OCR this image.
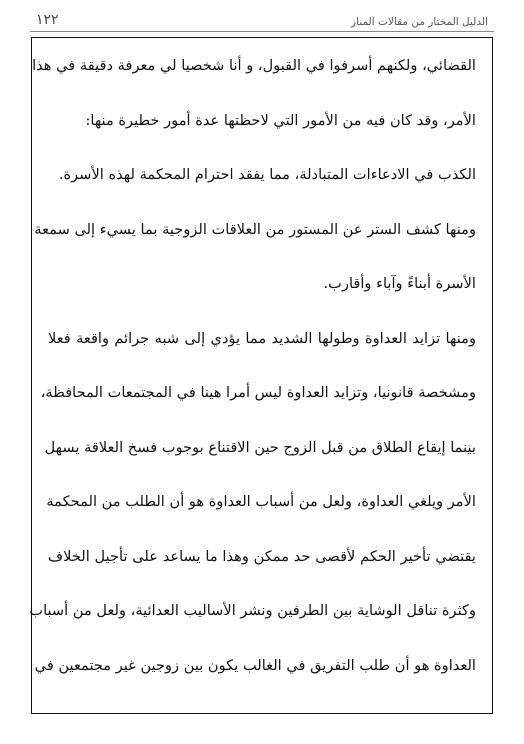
الدليل المختار من مقالات المنار
١٢٢
القضائي، ولكنهم أسرفوا في القبول، و أنا شخصيا لي معرفة دقيقة في هذا
الأمر، وقد كان فيه من الأمور التي لاحظتها عدة أمور خطيرة منها:
الكذب في الادعاءات المتبادلة، مما يفقد احترام المحكمة لهذه الأسرة.
ومنها كشف الستر عن المستور من العلاقات الزوجية بما يسيء إلى سمعة
الأسرة أبناءً وآباء وأقارب.
ومنها تزايد العداوة وطولها الشديد مما يؤدي إلى شبه جرائم واقعة فعلا
ومشخصة قانونيا، وتزايد العداوة ليس أمرا هينا في المجتمعات المحافظة،
بينما إيقاع الطلاق من قبل الزوج حين الاقتناع بوجوب فسخ العلاقة يسهل
الأمر ويلغي العداوة، ولعل من أسباب العداوة هو أن الطلب من المحكمة
يقتضي تأخير الحكم لأقصى حد ممكن وهذا ما يساعد على تأجيل الخلاف
وكثرة تناقل الوشاية بين الطرفين ونشر الأساليب العدائية، ولعل من أسباب
العداوة هو أن طلب التفريق في الغالب يكون بين زوجين غير مجتمعين في
